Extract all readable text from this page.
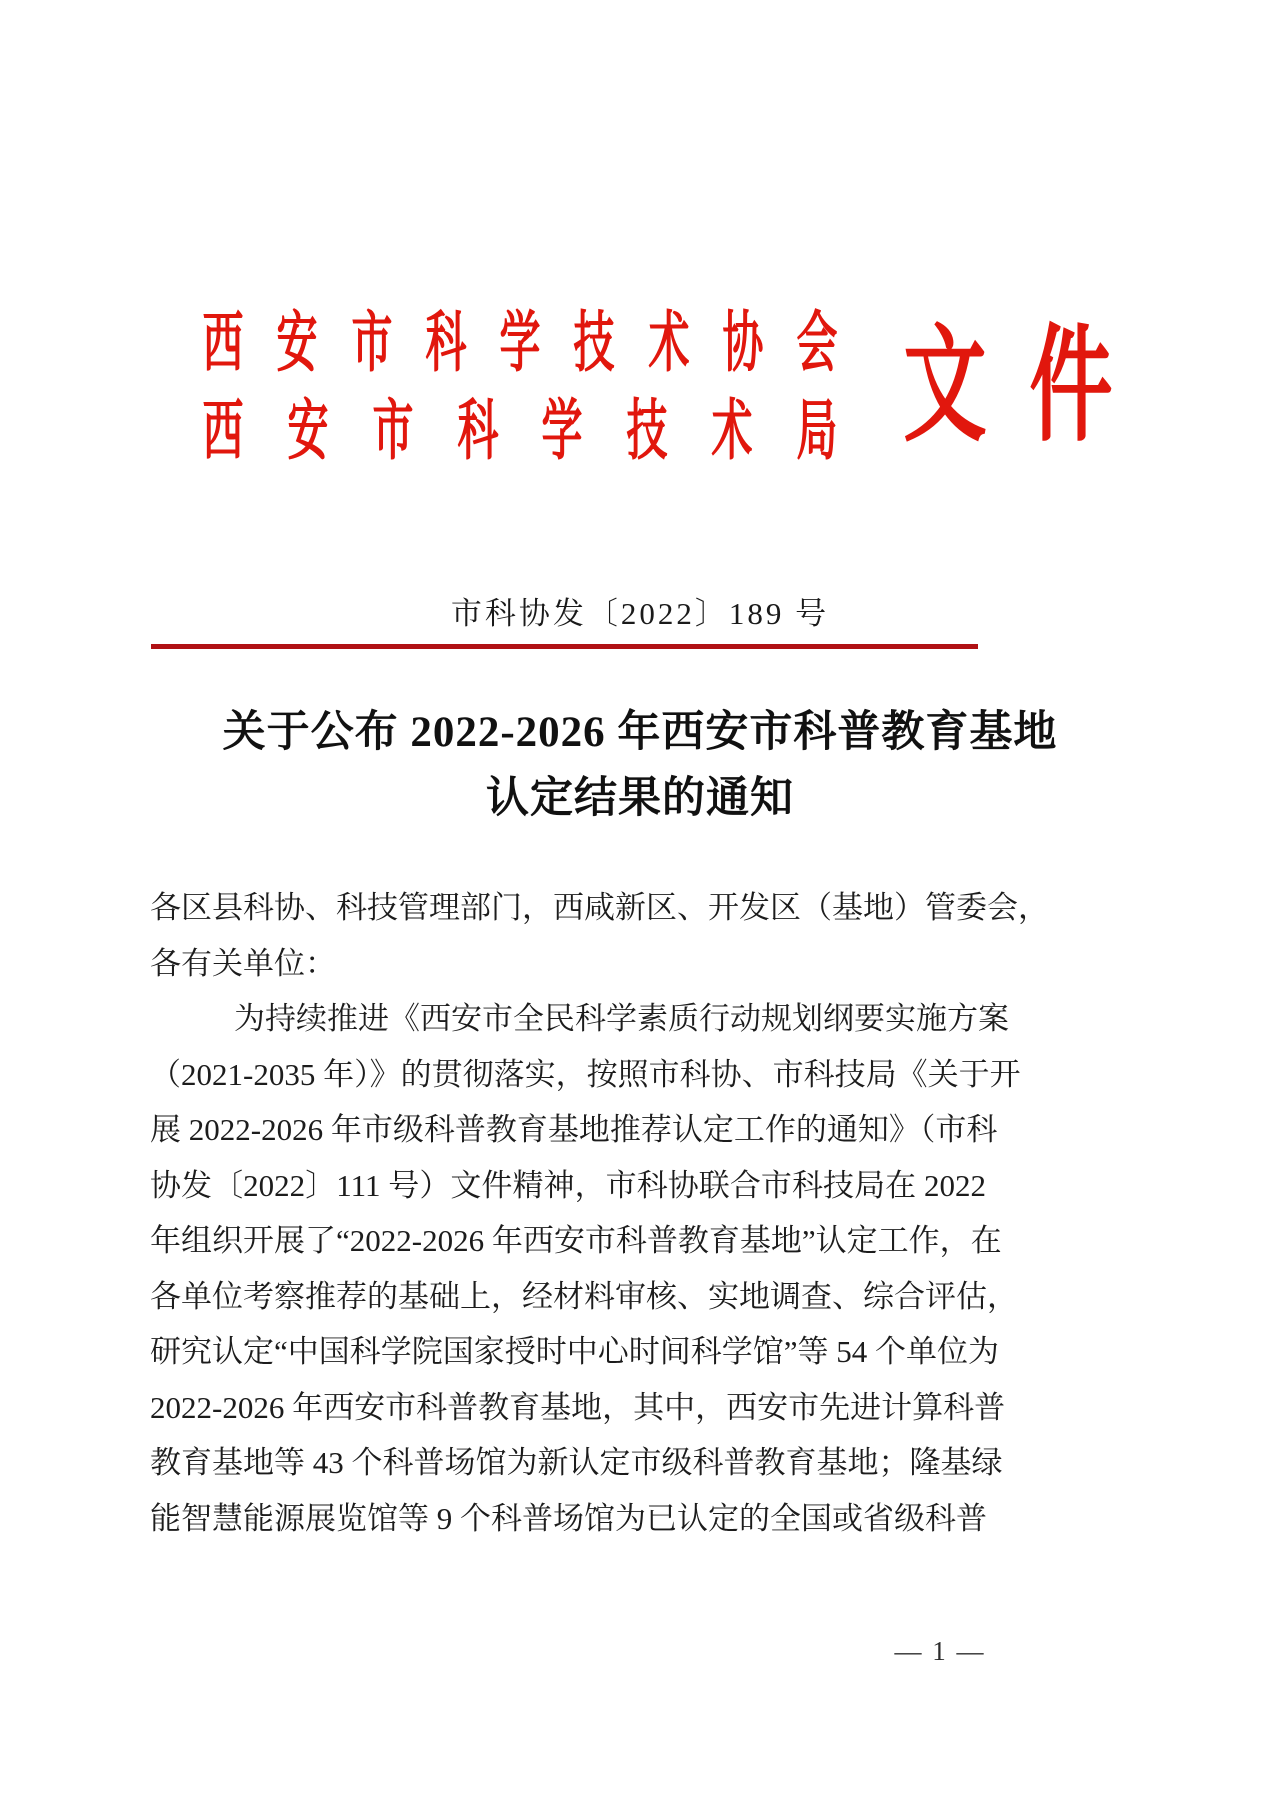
西 安 市 科 学 技 术 协 会
西 安 市 科 学 技 术 局 文 件
市科协发〔2022〕189 号
关于公布 2022-2026 年西安市科普教育基地
认定结果的通知
各区县科协、科技管理部门，西咸新区、开发区（基地）管委会，
各有关单位：
为持续推进《西安市全民科学素质行动规划纲要实施方案
（2021-2035 年）》的贯彻落实，按照市科协、市科技局《关于开
展 2022-2026 年市级科普教育基地推荐认定工作的通知》（市科
协发〔2022〕111 号）文件精神，市科协联合市科技局在 2022
年组织开展了“2022-2026 年西安市科普教育基地”认定工作，在
各单位考察推荐的基础上，经材料审核、实地调查、综合评估，
研究认定“中国科学院国家授时中心时间科学馆”等 54 个单位为
2022-2026 年西安市科普教育基地，其中，西安市先进计算科普
教育基地等 43 个科普场馆为新认定市级科普教育基地；隆基绿
能智慧能源展览馆等 9 个科普场馆为已认定的全国或省级科普
— 1 —
